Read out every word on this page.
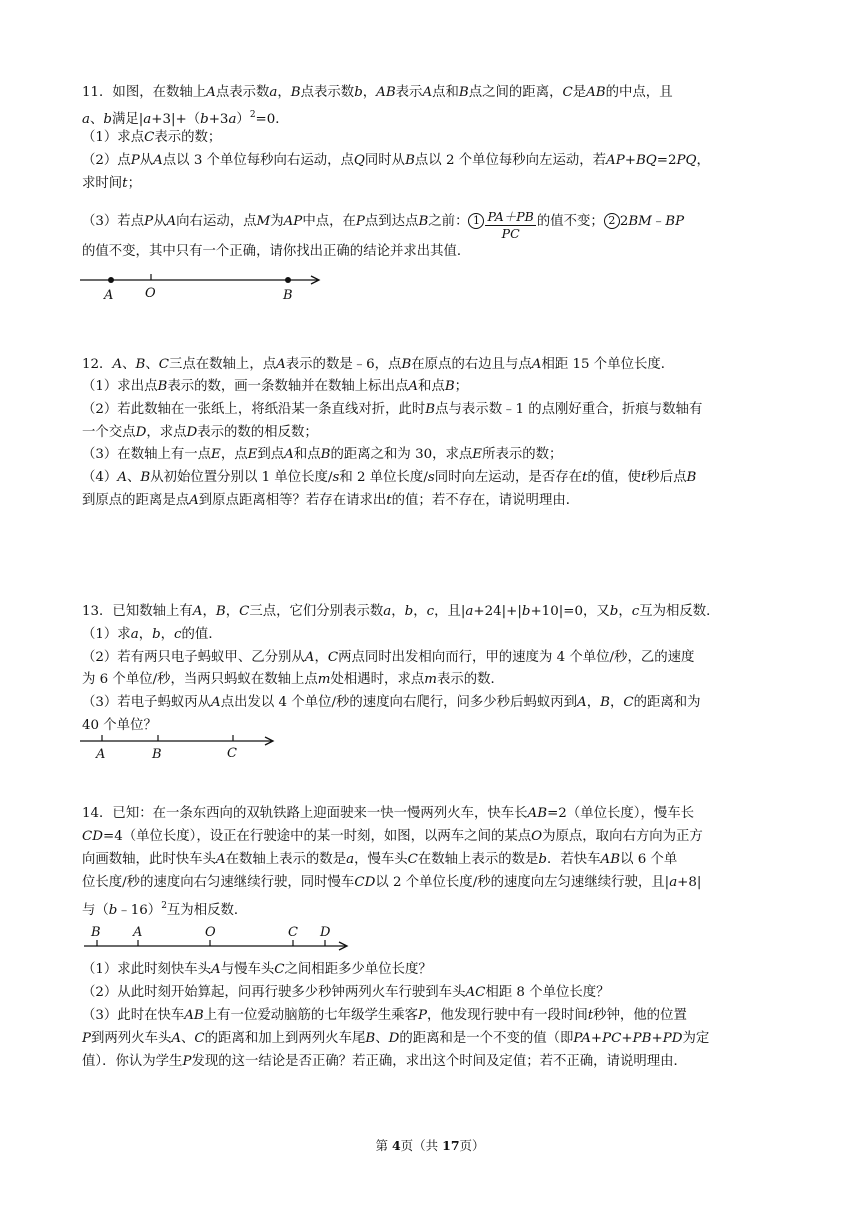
11．如图，在数轴上A点表示数a，B点表示数b，AB表示A点和B点之间的距离，C是AB的中点，且
a、b满足$|a+3|+(b+3a)^2=0$．
（1）求点C表示的数；
（2）点P从A点以 3 个单位每秒向右运动，点Q同时从B点以 2 个单位每秒向左运动，若AP+BQ=2PQ，
求时间t；
（3）若点P从A向右运动，点M为AP中点，在P点到达点B之前： $1 \frac{PA+PB}{PC}$ 的值不变； 2 2BM﹣BP
的值不变，其中只有一个正确，请你找出正确的结论并求出其值．
A O	B
12．A、B、C三点在数轴上，点A表示的数是﹣6，点B在原点的右边且与点A相距 15 个单位长度．
（1）求出点B表示的数，画一条数轴并在数轴上标出点A和点B；
（2）若此数轴在一张纸上，将纸沿某一条直线对折，此时B点与表示数﹣1 的点刚好重合，折痕与数轴有
一个交点D，求点D表示的数的相反数；
（3）在数轴上有一点E，点E到点A和点B的距离之和为 30，求点E所表示的数；
（4）A、B从初始位置分别以 1 单位长度/s和 2 单位长度/s同时向左运动，是否存在t的值，使t秒后点B
到原点的距离是点A到原点距离相等？若存在请求出t的值；若不存在，请说明理由．
13．已知数轴上有A，B，C三点，它们分别表示数a，b，c，且|a+24|+|b+10|=0，又b，c互为相反数．
（1）求a，b，c的值．
（2）若有两只电子蚂蚁甲、乙分别从A，C两点同时出发相向而行，甲的速度为 4 个单位/秒，乙的速度
为 6 个单位/秒，当两只蚂蚁在数轴上点m处相遇时，求点m表示的数．
（3）若电子蚂蚁丙从A点出发以 4 个单位/秒的速度向右爬行，问多少秒后蚂蚁丙到A，B，C的距离和为
40 个单位？
A	B	C
14．已知：在一条东西向的双轨铁路上迎面驶来一快一慢两列火车，快车长AB=2（单位长度），慢车长
CD=4（单位长度），设正在行驶途中的某一时刻，如图，以两车之间的某点O为原点，取向右方向为正方
向画数轴，此时快车头A在数轴上表示的数是a，慢车头C在数轴上表示的数是b．若快车AB以 6 个单
位长度/秒的速度向右匀速继续行驶，同时慢车CD以 2 个单位长度/秒的速度向左匀速继续行驶，且|a+8|
与（b﹣16）$^2$互为相反数．
B A	O	C D
（1）求此时刻快车头A与慢车头C之间相距多少单位长度？
（2）从此时刻开始算起，问再行驶多少秒钟两列火车行驶到车头AC相距 8 个单位长度？
（3）此时在快车AB上有一位爱动脑筋的七年级学生乘客P，他发现行驶中有一段时间t秒钟，他的位置
P到两列火车头A、C的距离和加上到两列火车尾B、D的距离和是一个不变的值（即PA+PC+PB+PD为定
值）．你认为学生P发现的这一结论是否正确？若正确，求出这个时间及定值；若不正确，请说明理由．
第 4页（共 17页）
